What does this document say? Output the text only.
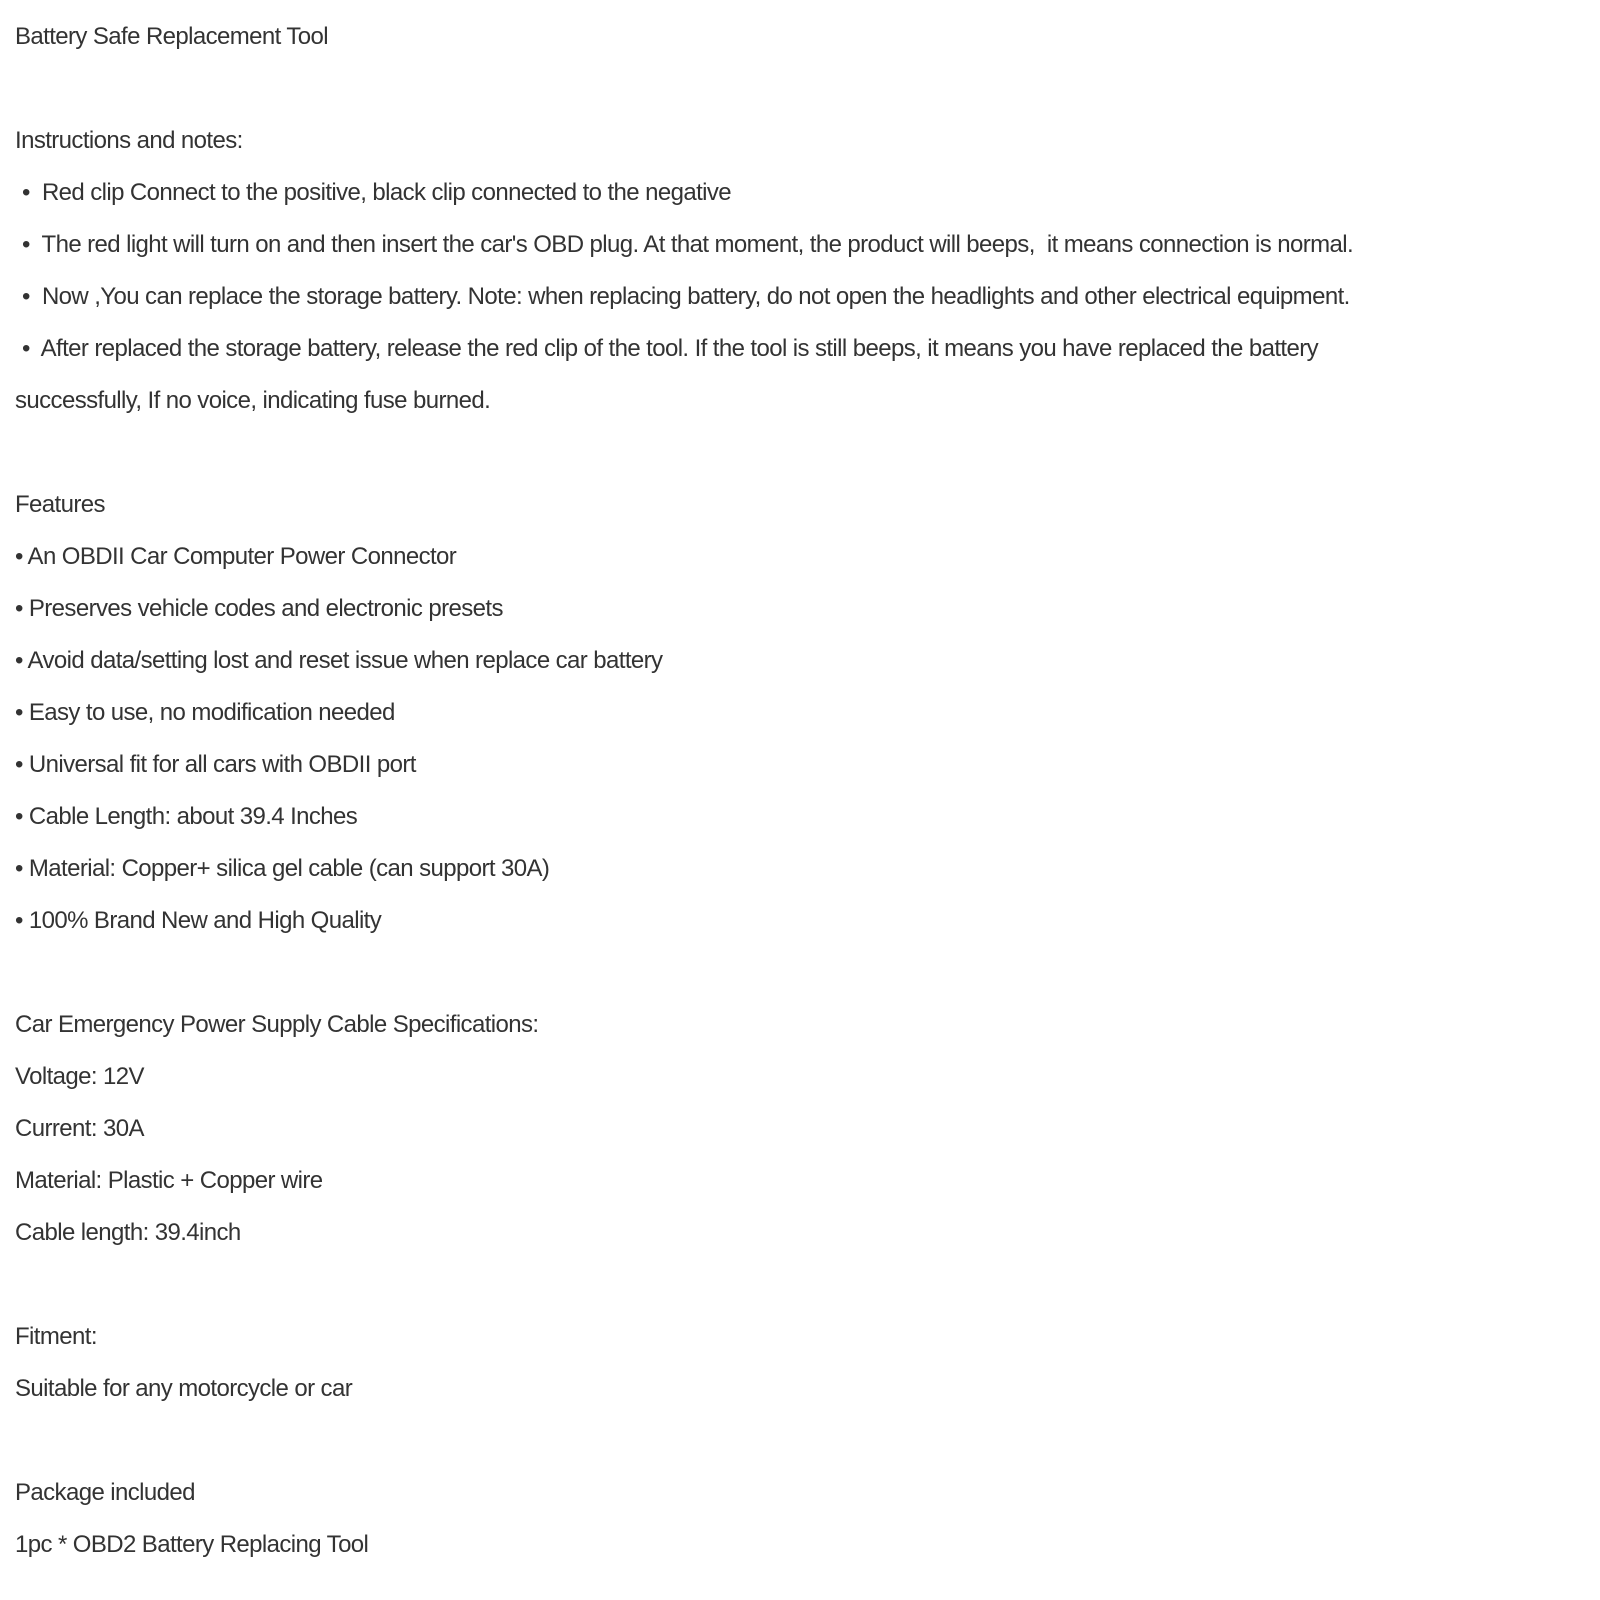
Battery Safe Replacement Tool
Instructions and notes:
•  Red clip Connect to the positive, black clip connected to the negative
•  The red light will turn on and then insert the car's OBD plug. At that moment, the product will beeps,  it means connection is normal.
•  Now ,You can replace the storage battery. Note: when replacing battery, do not open the headlights and other electrical equipment.
•  After replaced the storage battery, release the red clip of the tool. If the tool is still beeps, it means you have replaced the battery
successfully, If no voice, indicating fuse burned.
Features
• An OBDII Car Computer Power Connector
• Preserves vehicle codes and electronic presets
• Avoid data/setting lost and reset issue when replace car battery
• Easy to use, no modification needed
• Universal fit for all cars with OBDII port
• Cable Length: about 39.4 Inches
• Material: Copper+ silica gel cable (can support 30A)
• 100% Brand New and High Quality
Car Emergency Power Supply Cable Specifications:
Voltage: 12V
Current: 30A
Material: Plastic + Copper wire
Cable length: 39.4inch
Fitment:
Suitable for any motorcycle or car
Package included
1pc * OBD2 Battery Replacing Tool
